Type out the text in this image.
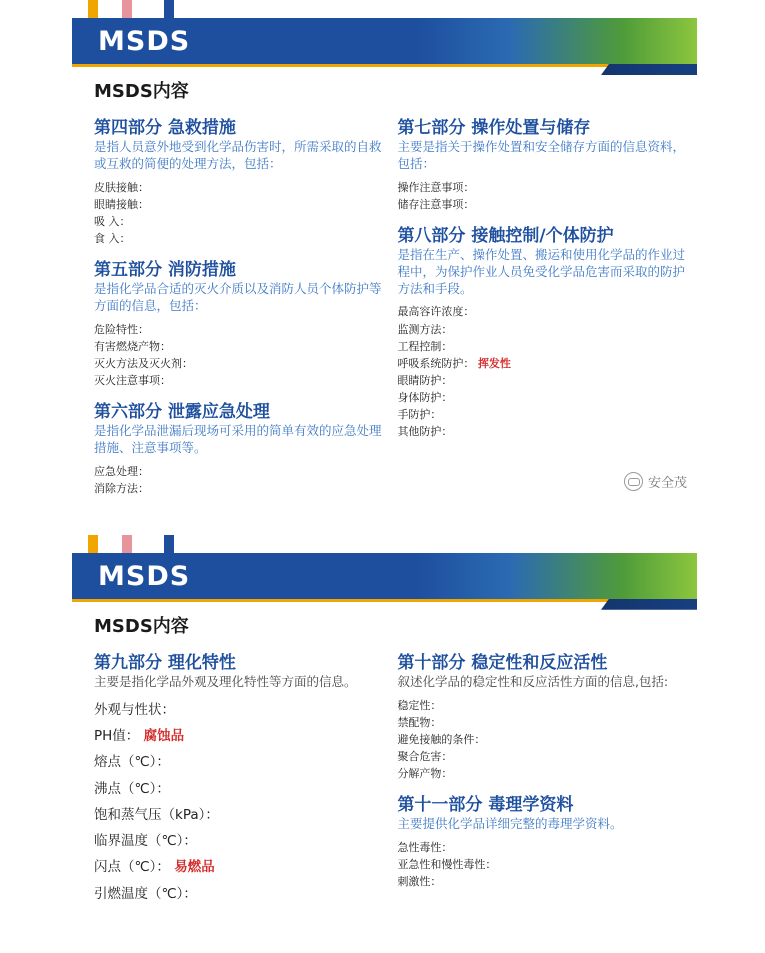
MSDS
MSDS内容
第四部分 急救措施
是指人员意外地受到化学品伤害时，所需采取的自救或互救的简便的处理方法，包括：
皮肤接触：
眼睛接触：
吸 入：
食 入：
第五部分 消防措施
是指化学品合适的灭火介质以及消防人员个体防护等方面的信息，包括：
危险特性：
有害燃烧产物：
灭火方法及灭火剂：
灭火注意事项：
第六部分 泄露应急处理
是指化学品泄漏后现场可采用的简单有效的应急处理措施、注意事项等。
应急处理：
消除方法：
第七部分 操作处置与储存
主要是指关于操作处置和安全储存方面的信息资料，包括：
操作注意事项：
储存注意事项：
第八部分 接触控制/个体防护
是指在生产、操作处置、搬运和使用化学品的作业过程中，为保护作业人员免受化学品危害而采取的防护方法和手段。
最高容许浓度：
监测方法：
工程控制：
呼吸系统防护： 挥发性
眼睛防护：
身体防护：
手防护：
其他防护：
安全茂
MSDS
MSDS内容
第九部分 理化特性
主要是指化学品外观及理化特性等方面的信息。
外观与性状：
PH值： 腐蚀品
熔点（℃）：
沸点（℃）：
饱和蒸气压（kPa）：
临界温度（℃）：
闪点（℃）： 易燃品
引燃温度（℃）：
第十部分 稳定性和反应活性
叙述化学品的稳定性和反应活性方面的信息,包括:
稳定性：
禁配物：
避免接触的条件：
聚合危害：
分解产物：
第十一部分 毒理学资料
主要提供化学品详细完整的毒理学资料。
急性毒性：
亚急性和慢性毒性：
刺激性：
